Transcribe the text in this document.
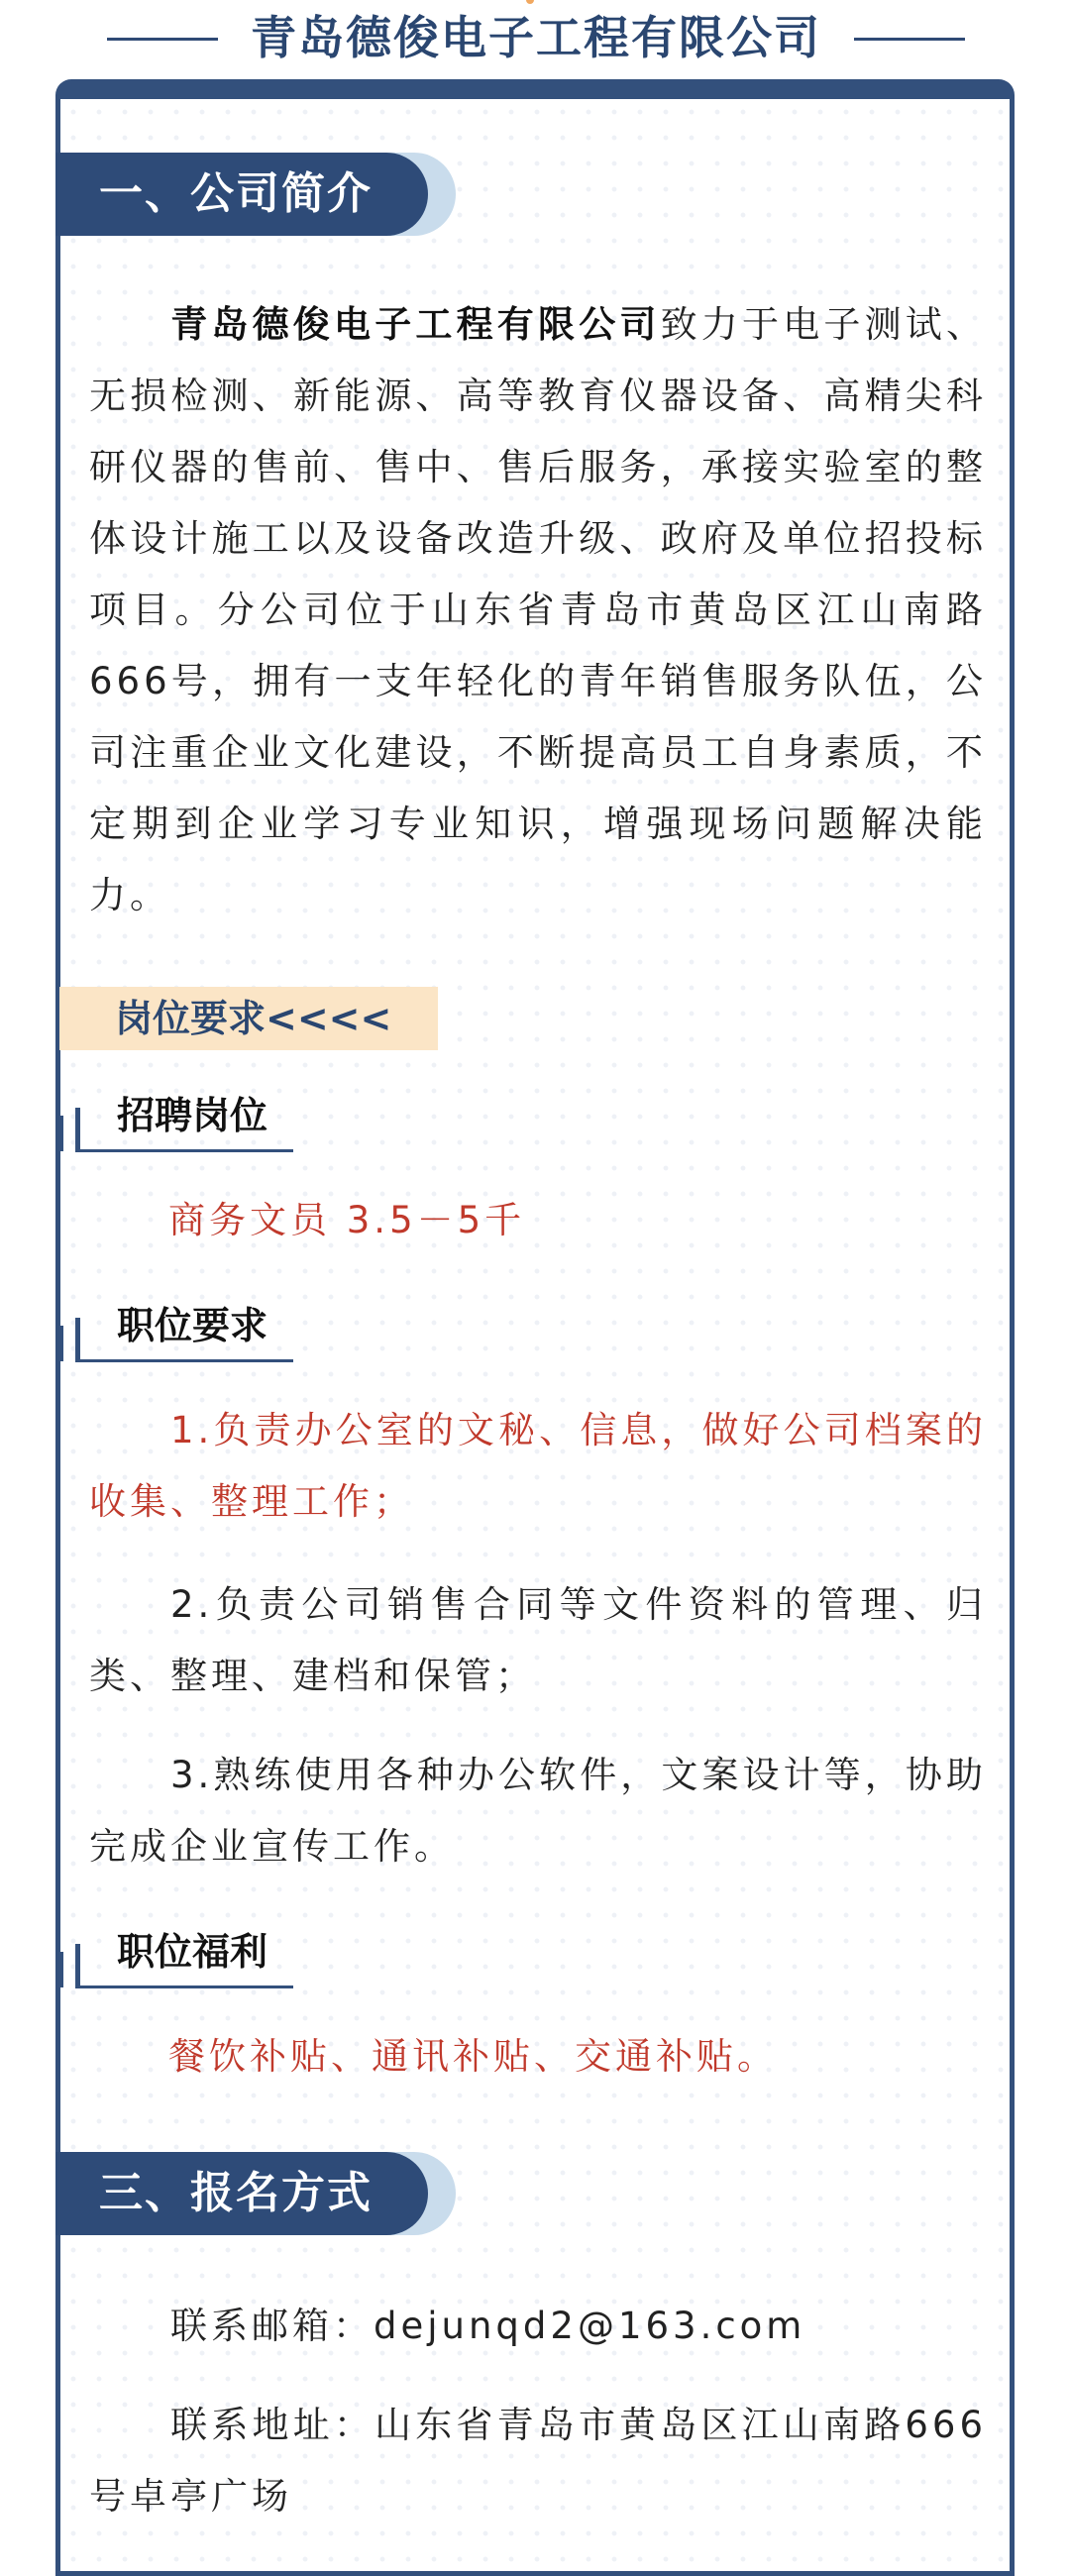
青岛德俊电子工程有限公司
一、公司简介

青岛德俊电子工程有限公司致力于电子测试、无损检测、新能源、高等教育仪器设备、高精尖科研仪器的售前、售中、售后服务，承接实验室的整体设计施工以及设备改造升级、政府及单位招投标项目。分公司位于山东省青岛市黄岛区江山南路666号，拥有一支年轻化的青年销售服务队伍，公司注重企业文化建设，不断提高员工自身素质，不定期到企业学习专业知识，增强现场问题解决能力。

岗位要求<<<<
招聘岗位
商务文员 3.5－5千
职位要求

1.负责办公室的文秘、信息，做好公司档案的收集、整理工作；

2.负责公司销售合同等文件资料的管理、归类、整理、建档和保管；

3.熟练使用各种办公软件，文案设计等，协助完成企业宣传工作。

职位福利
餐饮补贴、通讯补贴、交通补贴。
三、报名方式

联系邮箱：dejunqd2@163.com

联系地址：山东省青岛市黄岛区江山南路666号卓亭广场
